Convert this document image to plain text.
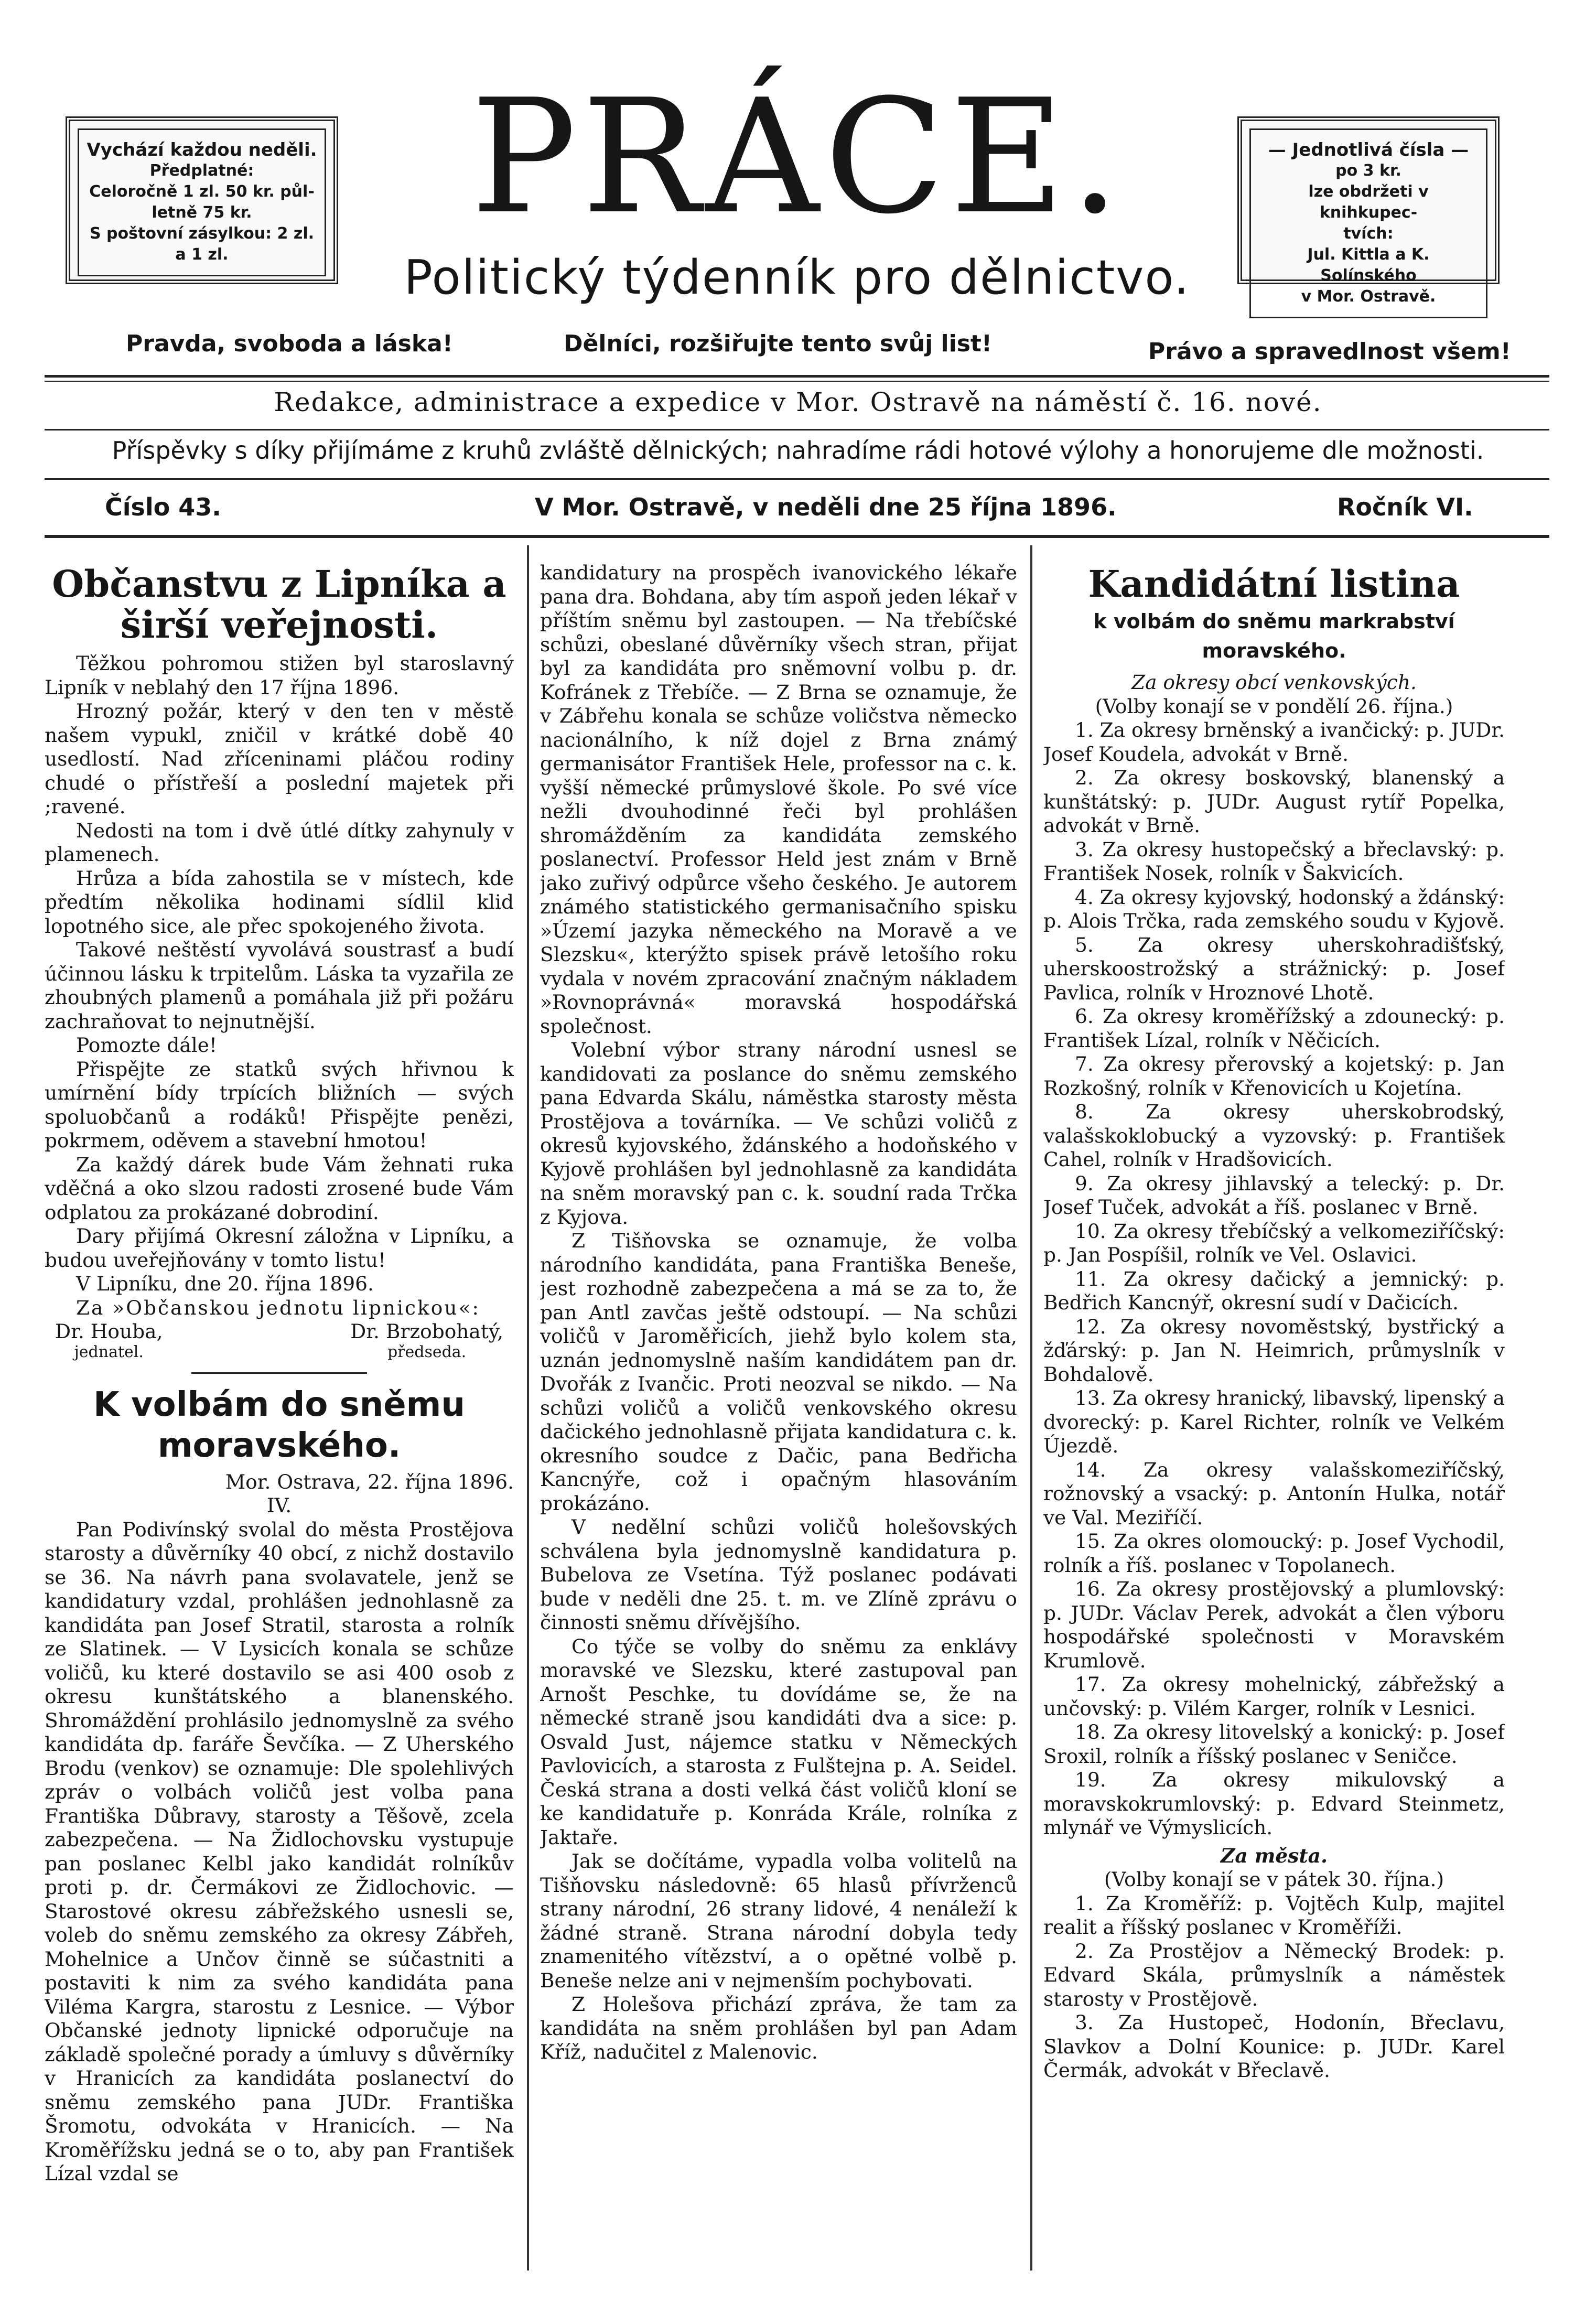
Vychází každou neděli.
Předplatné:
Celoročně 1 zl. 50 kr. půl-
letně 75 kr.
S poštovní zásylkou: 2 zl.
a 1 zl.
PRÁCE.
Politický týdenník pro dělnictvo.
— Jednotlivá čísla —
po 3 kr.
lze obdržeti v knihkupec-
tvích:
Jul. Kittla a K. Solínského
v Mor. Ostravě.
Pravda, svoboda a láska!	Dělníci, rozšiřujte tento svůj list!	Právo a spravedlnost všem!
Redakce, administrace a expedice v Mor. Ostravě na náměstí č. 16. nové.
Příspěvky s díky přijímáme z kruhů zvláště dělnických; nahradíme rádi hotové výlohy a honorujeme dle možnosti.
Číslo 43.	V Mor. Ostravě, v neděli dne 25 října 1896.	Ročník VI.
Občanstvu z Lipníka a širší veřejnosti.

Těžkou pohromou stižen byl staroslavný Lipník v neblahý den 17 října 1896.

Hrozný požár, který v den ten v městě našem vypukl, zničil v krátké době 40 usedlostí. Nad zříceninami pláčou rodiny chudé o přístřeší a poslední majetek při ;ravené.

Nedosti na tom i dvě útlé dítky zahynuly v plamenech.

Hrůza a bída zahostila se v místech, kde předtím několika hodinami sídlil klid lopotného sice, ale přec spokojeného života.

Takové neštěstí vyvolává soustrasť a budí účinnou lásku k trpitelům. Láska ta vyzařila ze zhoubných plamenů a pomáhala již při požáru zachraňovat to nejnutnější.

Pomozte dále!

Přispějte ze statků svých hřivnou k umírnění bídy trpících bližních — svých spoluobčanů a rodáků! Přispějte penězi, pokrmem, oděvem a stavební hmotou!

Za každý dárek bude Vám žehnati ruka vděčná a oko slzou radosti zrosené bude Vám odplatou za prokázané dobrodiní.

Dary přijímá Okresní záložna v Lipníku, a budou uveřejňovány v tomto listu!

V Lipníku, dne 20. října 1896.

Za »Občanskou jednotu lipnickou«:

Dr. Houba,
jednatel.
Dr. Brzobohatý,
předseda.
K volbám do sněmu moravského.

Mor. Ostrava, 22. října 1896.

IV.

Pan Podivínský svolal do města Prostějova starosty a důvěrníky 40 obcí, z nichž dostavilo se 36. Na návrh pana svolavatele, jenž se kandidatury vzdal, prohlášen jednohlasně za kandidáta pan Josef Stratil, starosta a rolník ze Slatinek. — V Lysicích konala se schůze voličů, ku které dostavilo se asi 400 osob z okresu kunštátského a blanenského. Shromáždění prohlásilo jednomyslně za svého kandidáta dp. faráře Ševčíka. — Z Uherského Brodu (venkov) se oznamuje: Dle spolehlivých zpráv o volbách voličů jest volba pana Františka Důbravy, starosty a Těšově, zcela zabezpečena. — Na Židlochovsku vystupuje pan poslanec Kelbl jako kandidát rolníkův proti p. dr. Čermákovi ze Židlochovic. — Starostové okresu zábřežského usnesli se, voleb do sněmu zemského za okresy Zábřeh, Mohelnice a Unčov činně se súčastniti a postaviti k nim za svého kandidáta pana Viléma Kargra, starostu z Lesnice. — Výbor Občanské jednoty lipnické odporučuje na základě společné porady a úmluvy s důvěrníky v Hranicích za kandidáta poslanectví do sněmu zemského pana JUDr. Františka Šromotu, odvokáta v Hranicích. — Na Kroměřížsku jedná se o to, aby pan František Lízal vzdal se

kandidatury na prospěch ivanovického lékaře pana dra. Bohdana, aby tím aspoň jeden lékař v příštím sněmu byl zastoupen. — Na třebíčské schůzi, obeslané důvěrníky všech stran, přijat byl za kandidáta pro sněmovní volbu p. dr. Kofránek z Třebíče. — Z Brna se oznamuje, že v Zábřehu konala se schůze voličstva německo nacionálního, k níž dojel z Brna známý germanisátor František Hele, professor na c. k. vyšší německé průmyslové škole. Po své více nežli dvouhodinné řeči byl prohlášen shromážděním za kandidáta zemského poslanectví. Professor Held jest znám v Brně jako zuřivý odpůrce všeho českého. Je autorem známého statistického germanisačního spisku »Území jazyka německého na Moravě a ve Slezsku«, kterýžto spisek právě letošího roku vydala v novém zpracování značným nákladem »Rovnoprávná« moravská hospodářská společnost.

Volební výbor strany národní usnesl se kandidovati za poslance do sněmu zemského pana Edvarda Skálu, náměstka starosty města Prostějova a továrníka. — Ve schůzi voličů z okresů kyjovského, ždánského a hodoňského v Kyjově prohlášen byl jednohlasně za kandidáta na sněm moravský pan c. k. soudní rada Trčka z Kyjova.

Z Tišňovska se oznamuje, že volba národního kandidáta, pana Františka Beneše, jest rozhodně zabezpečena a má se za to, že pan Antl zavčas ještě odstoupí. — Na schůzi voličů v Jaroměřicích, jiehž bylo kolem sta, uznán jednomyslně naším kandidátem pan dr. Dvořák z Ivančic. Proti neozval se nikdo. — Na schůzi voličů a voličů venkovského okresu dačického jednohlasně přijata kandidatura c. k. okresního soudce z Dačic, pana Bedřicha Kancnýře, což i opačným hlasováním prokázáno.

V nedělní schůzi voličů holešovských schválena byla jednomyslně kandidatura p. Bubelova ze Vsetína. Týž poslanec podávati bude v neděli dne 25. t. m. ve Zlíně zprávu o činnosti sněmu dřívějšího.

Co týče se volby do sněmu za enklávy moravské ve Slezsku, které zastupoval pan Arnošt Peschke, tu dovídáme se, že na německé straně jsou kandidáti dva a sice: p. Osvald Just, nájemce statku v Německých Pavlovicích, a starosta z Fulštejna p. A. Seidel. Česká strana a dosti velká část voličů kloní se ke kandidatuře p. Konráda Krále, rolníka z Jaktaře.

Jak se dočítáme, vypadla volba volitelů na Tišňovsku následovně: 65 hlasů přívrženců strany národní, 26 strany lidové, 4 nenáleží k žádné straně. Strana národní dobyla tedy znamenitého vítězství, a o opětné volbě p. Beneše nelze ani v nejmenším pochybovati.

Z Holešova přichází zpráva, že tam za kandidáta na sněm prohlášen byl pan Adam Kříž, nadučitel z Malenovic.

Kandidátní listina
k volbám do sněmu markrabství moravského.

Za okresy obcí venkovských.

(Volby konají se v pondělí 26. října.)

1. Za okresy brněnský a ivančický: p. JUDr. Josef Koudela, advokát v Brně.

2. Za okresy boskovský, blanenský a kunštátský: p. JUDr. August rytíř Popelka, advokát v Brně.

3. Za okresy hustopečský a břeclavský: p. František Nosek, rolník v Šakvicích.

4. Za okresy kyjovský, hodonský a ždánský: p. Alois Trčka, rada zemského soudu v Kyjově.

5. Za okresy uherskohradišťský, uherskoostrožský a strážnický: p. Josef Pavlica, rolník v Hroznové Lhotě.

6. Za okresy kroměřížský a zdounecký: p. František Lízal, rolník v Něčicích.

7. Za okresy přerovský a kojetský: p. Jan Rozkošný, rolník v Křenovicích u Kojetína.

8. Za okresy uherskobrodský, valašskoklobucký a vyzovský: p. František Cahel, rolník v Hradšovicích.

9. Za okresy jihlavský a telecký: p. Dr. Josef Tuček, advokát a říš. poslanec v Brně.

10. Za okresy třebíčský a velkomeziříčský: p. Jan Pospíšil, rolník ve Vel. Oslavici.

11. Za okresy dačický a jemnický: p. Bedřich Kancnýř, okresní sudí v Dačicích.

12. Za okresy novoměstský, bystřický a žďárský: p. Jan N. Heimrich, průmyslník v Bohdalově.

13. Za okresy hranický, libavský, lipenský a dvorecký: p. Karel Richter, rolník ve Velkém Újezdě.

14. Za okresy valašskomeziříčský, rožnovský a vsacký: p. Antonín Hulka, notář ve Val. Meziříčí.

15. Za okres olomoucký: p. Josef Vychodil, rolník a říš. poslanec v Topolanech.

16. Za okresy prostějovský a plumlovský: p. JUDr. Václav Perek, advokát a člen výboru hospodářské společnosti v Moravském Krumlově.

17. Za okresy mohelnický, zábřežský a unčovský: p. Vilém Karger, rolník v Lesnici.

18. Za okresy litovelský a konický: p. Josef Sroxil, rolník a říšský poslanec v Seničce.

19. Za okresy mikulovský a moravskokrumlovský: p. Edvard Steinmetz, mlynář ve Výmyslicích.

Za města.

(Volby konají se v pátek 30. října.)

1. Za Kroměříž: p. Vojtěch Kulp, majitel realit a říšský poslanec v Kroměříži.

2. Za Prostějov a Německý Brodek: p. Edvard Skála, průmyslník a náměstek starosty v Prostějově.

3. Za Hustopeč, Hodonín, Břeclavu, Slavkov a Dolní Kounice: p. JUDr. Karel Čermák, advokát v Břeclavě.
